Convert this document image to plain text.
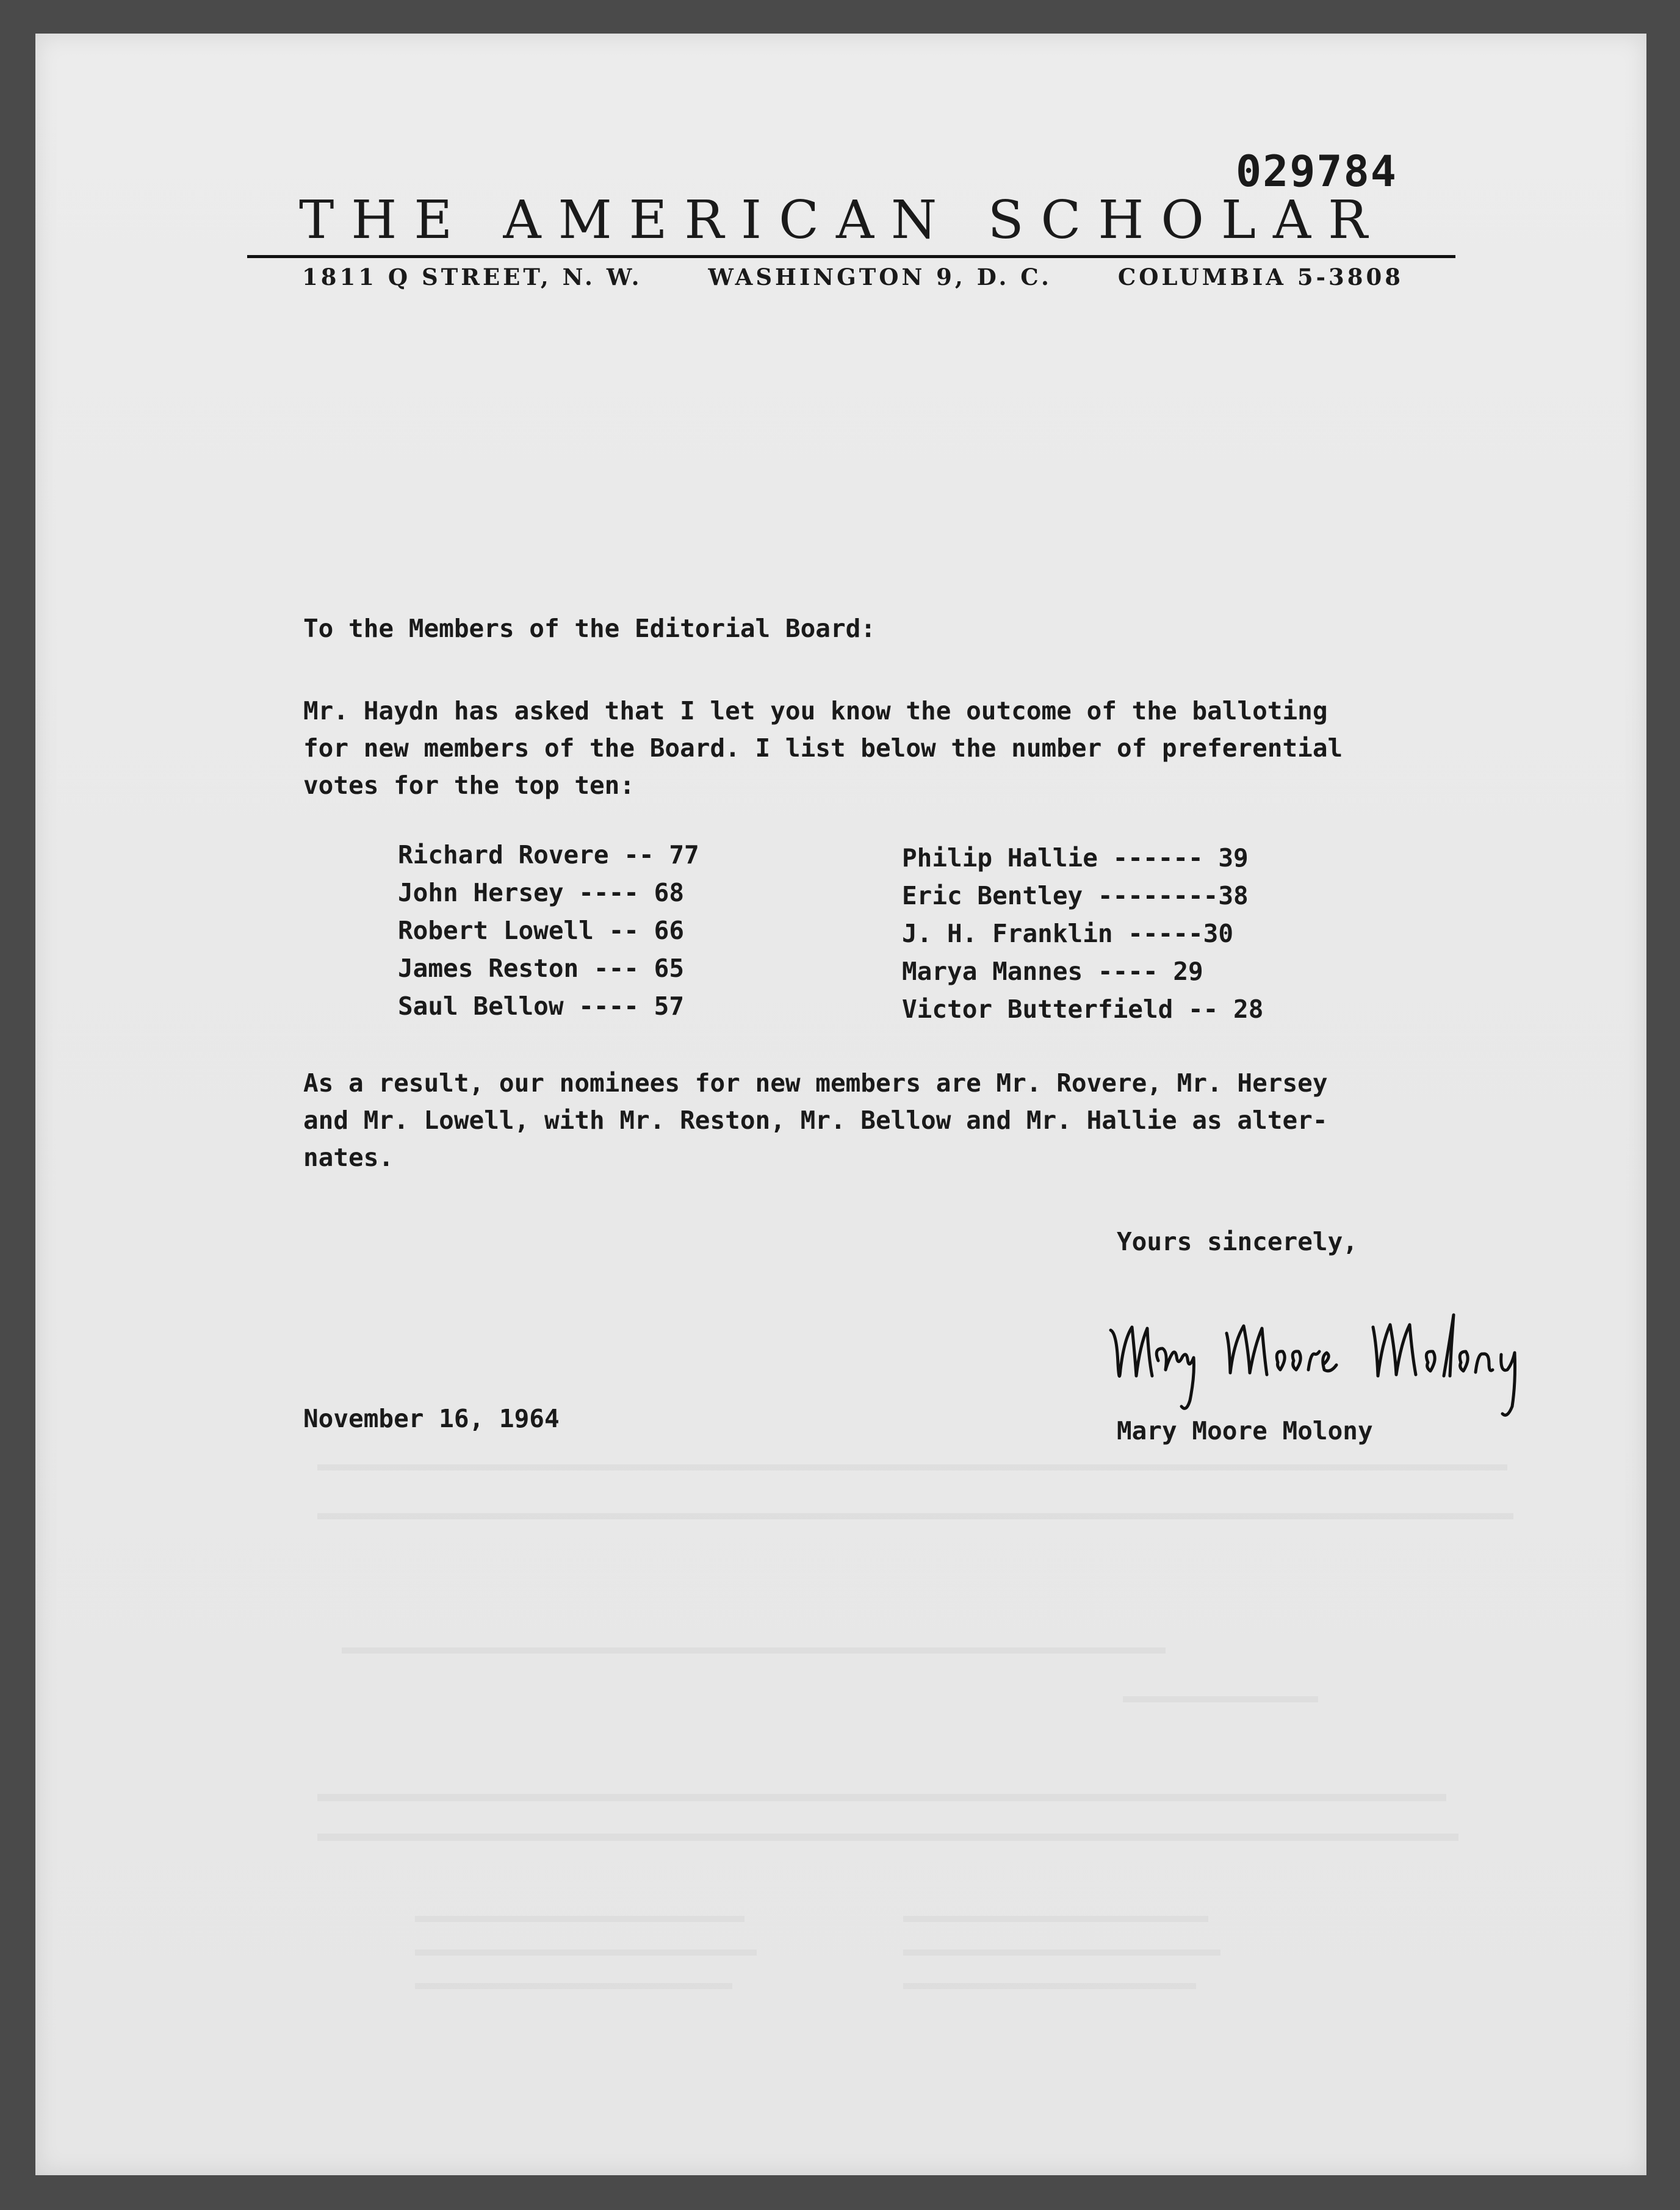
029784
THE AMERICAN SCHOLAR
1811 Q STREET, N. W.	WASHINGTON 9, D. C.	COLUMBIA 5-3808
To the Members of the Editorial Board:
Mr. Haydn has asked that I let you know the outcome of the balloting
for new members of the Board. I list below the number of preferential
votes for the top ten:
Richard Rovere -- 77
John Hersey ---- 68
Robert Lowell -- 66
James Reston --- 65
Saul Bellow ---- 57
Philip Hallie ------ 39
Eric Bentley --------38
J. H. Franklin -----30
Marya Mannes ---- 29
Victor Butterfield -- 28
As a result, our nominees for new members are Mr. Rovere, Mr. Hersey
and Mr. Lowell, with Mr. Reston, Mr. Bellow and Mr. Hallie as alter-
nates.
Yours sincerely,
November 16, 1964	Mary Moore Molony
